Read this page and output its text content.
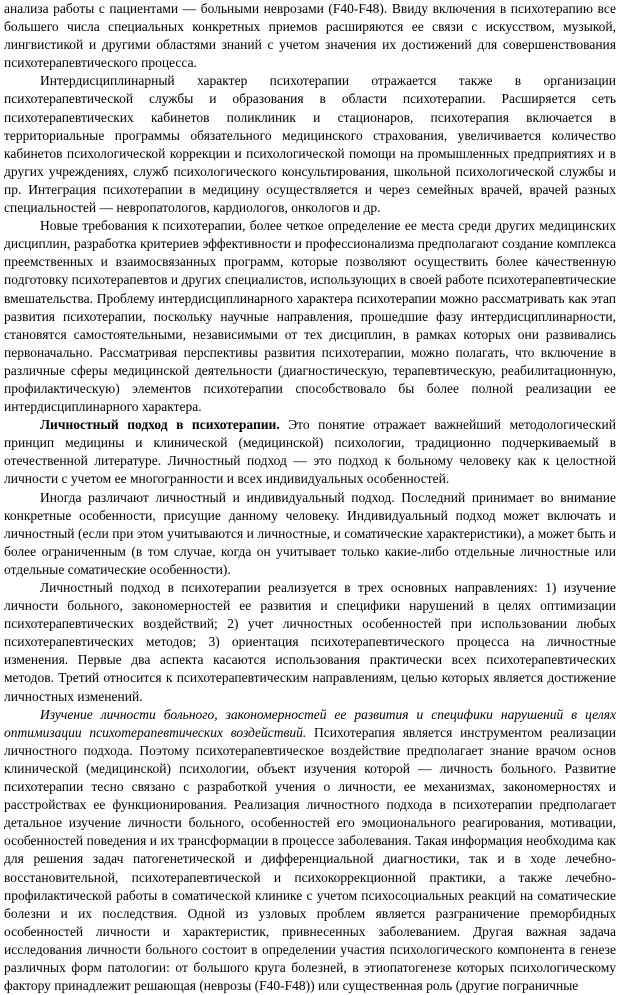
анализа работы с пациентами — больными неврозами (F40-F48). Ввиду включения в психотерапию все большего числа специальных конкретных приемов расширяются ее связи с искусством, музыкой, лингвистикой и другими областями знаний с учетом значения их достижений для совершенствования психотерапевтического процесса.

Интердисциплинарный характер психотерапии отражается также в организации психотерапевтической службы и образования в области психотерапии. Расширяется сеть психотерапевтических кабинетов поликлиник и стационаров, психотерапия включается в территориальные программы обязательного медицинского страхования, увеличивается количество кабинетов психологической коррекции и психологической помощи на промышленных предприятиях и в других учреждениях, служб психологического консультирования, школьной психологической службы и пр. Интеграция психотерапии в медицину осуществляется и через семейных врачей, врачей разных специальностей — невропатологов, кардиологов, онкологов и др.

Новые требования к психотерапии, более четкое определение ее места среди других медицинских дисциплин, разработка критериев эффективности и профессионализма предполагают создание комплекса преемственных и взаимосвязанных программ, которые позволяют осуществить более качественную подготовку психотерапевтов и других специалистов, использующих в своей работе психотерапевтические вмешательства. Проблему интердисциплинарного характера психотерапии можно рассматривать как этап развития психотерапии, поскольку научные направления, прошедшие фазу интердисциплинарности, становятся самостоятельными, независимыми от тех дисциплин, в рамках которых они развивались первоначально. Рассматривая перспективы развития психотерапии, можно полагать, что включение в различные сферы медицинской деятельности (диагностическую, терапевтическую, реабилитационную, профилактическую) элементов психотерапии способствовало бы более полной реализации ее интердисциплинарного характера.

Личностный подход в психотерапии. Это понятие отражает важнейший методологический принцип медицины и клинической (медицинской) психологии, традиционно подчеркиваемый в отечественной литературе. Личностный подход — это подход к больному человеку как к целостной личности с учетом ее многогранности и всех индивидуальных особенностей.

Иногда различают личностный и индивидуальный подход. Последний принимает во внимание конкретные особенности, присущие данному человеку. Индивидуальный подход может включать и личностный (если при этом учитываются и личностные, и соматические характеристики), а может быть и более ограниченным (в том случае, когда он учитывает только какие-либо отдельные личностные или отдельные соматические особенности).

Личностный подход в психотерапии реализуется в трех основных направлениях: 1) изучение личности больного, закономерностей ее развития и специфики нарушений в целях оптимизации психотерапевтических воздействий; 2) учет личностных особенностей при использовании любых психотерапевтических методов; 3) ориентация психотерапевтического процесса на личностные изменения. Первые два аспекта касаются использования практически всех психотерапевтических методов. Третий относится к психотерапевтическим направлениям, целью которых является достижение личностных изменений.

Изучение личности больного, закономерностей ее развития и специфики нарушений в целях оптимизации психотерапевтических воздействий. Психотерапия является инструментом реализации личностного подхода. Поэтому психотерапевтическое воздействие предполагает знание врачом основ клинической (медицинской) психологии, объект изучения которой — личность больного. Развитие психотерапии тесно связано с разработкой учения о личности, ее механизмах, закономерностях и расстройствах ее функционирования. Реализация личностного подхода в психотерапии предполагает детальное изучение личности больного, особенностей его эмоционального реагирования, мотивации, особенностей поведения и их трансформации в процессе заболевания. Такая информация необходима как для решения задач патогенетической и дифференциальной диагностики, так и в ходе лечебно-восстановительной, психотерапевтической и психокоррекционной практики, а также лечебно-профилактической работы в соматической клинике с учетом психосоциальных реакций на соматические болезни и их последствия. Одной из узловых проблем является разграничение преморбидных особенностей личности и характеристик, привнесенных заболеванием. Другая важная задача исследования личности больного состоит в определении участия психологического компонента в генезе различных форм патологии: от большого круга болезней, в этиопатогенезе которых психологическому фактору принадлежит решающая (неврозы (F40-F48)) или существенная роль (другие пограничные
